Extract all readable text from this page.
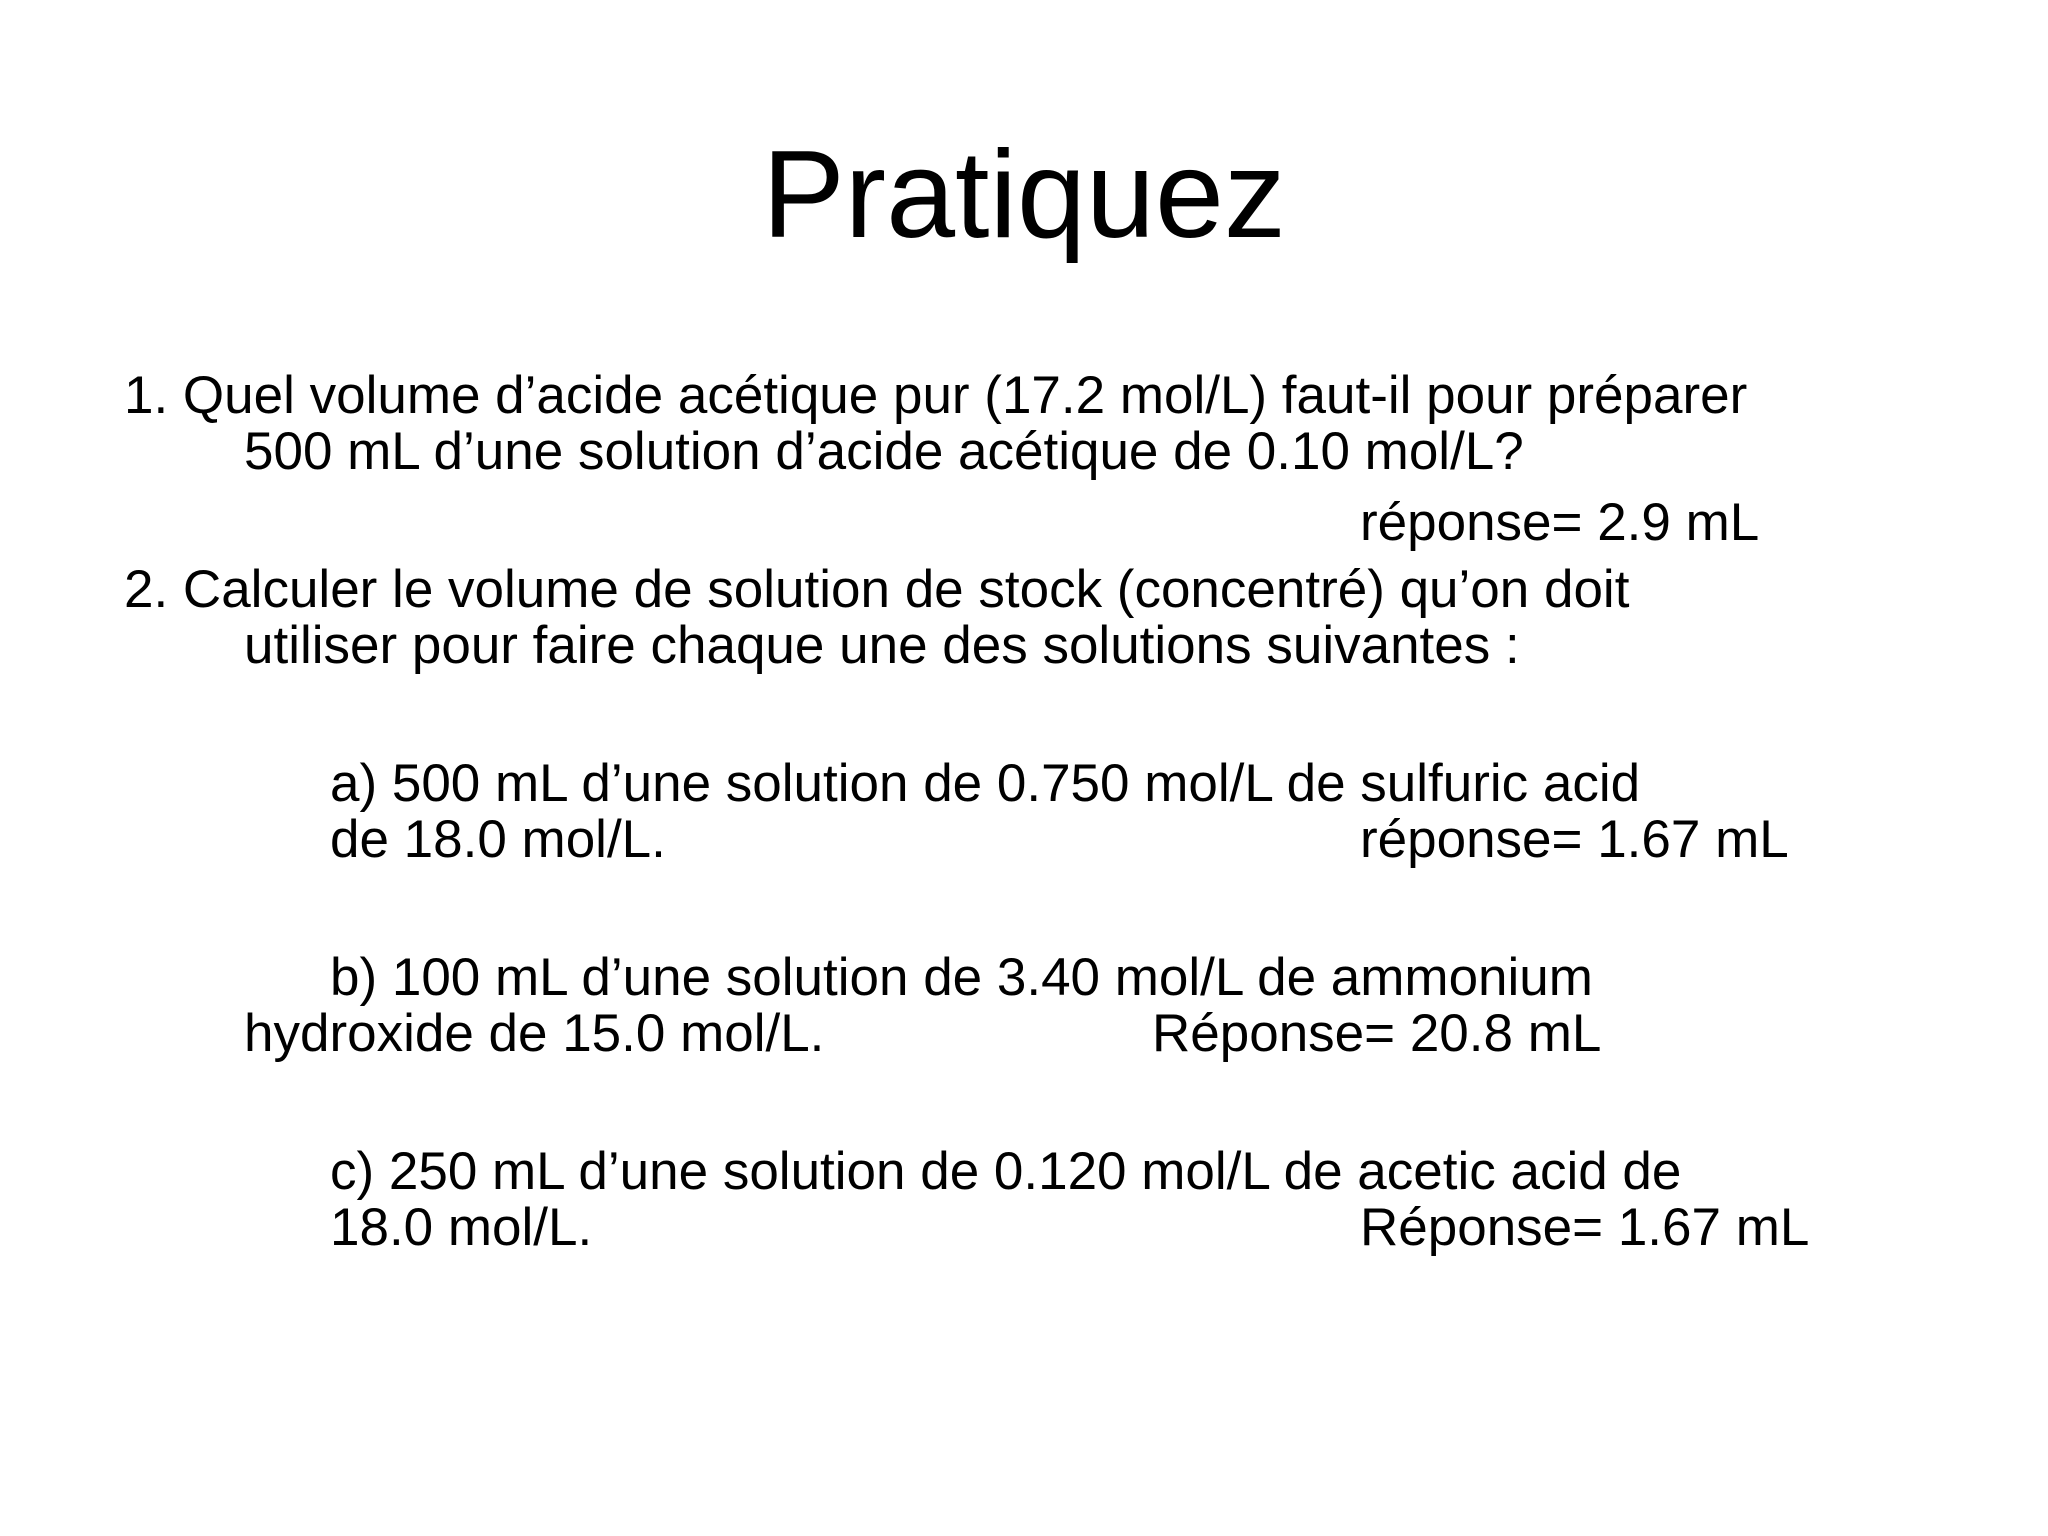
Pratiquez
1. Quel volume d’acide acétique pur (17.2 mol/L) faut-il pour préparer
500 mL d’une solution d’acide acétique de 0.10 mol/L?
réponse= 2.9 mL
2. Calculer le volume de solution de stock (concentré) qu’on doit
utiliser pour faire chaque une des solutions suivantes :
a) 500 mL d’une solution de 0.750 mol/L de sulfuric acid
de 18.0 mol/L.	réponse= 1.67 mL
b) 100 mL d’une solution de 3.40 mol/L de ammonium
hydroxide de 15.0 mol/L.	Réponse= 20.8 mL
c) 250 mL d’une solution de 0.120 mol/L de acetic acid de
18.0 mol/L.	Réponse= 1.67 mL
